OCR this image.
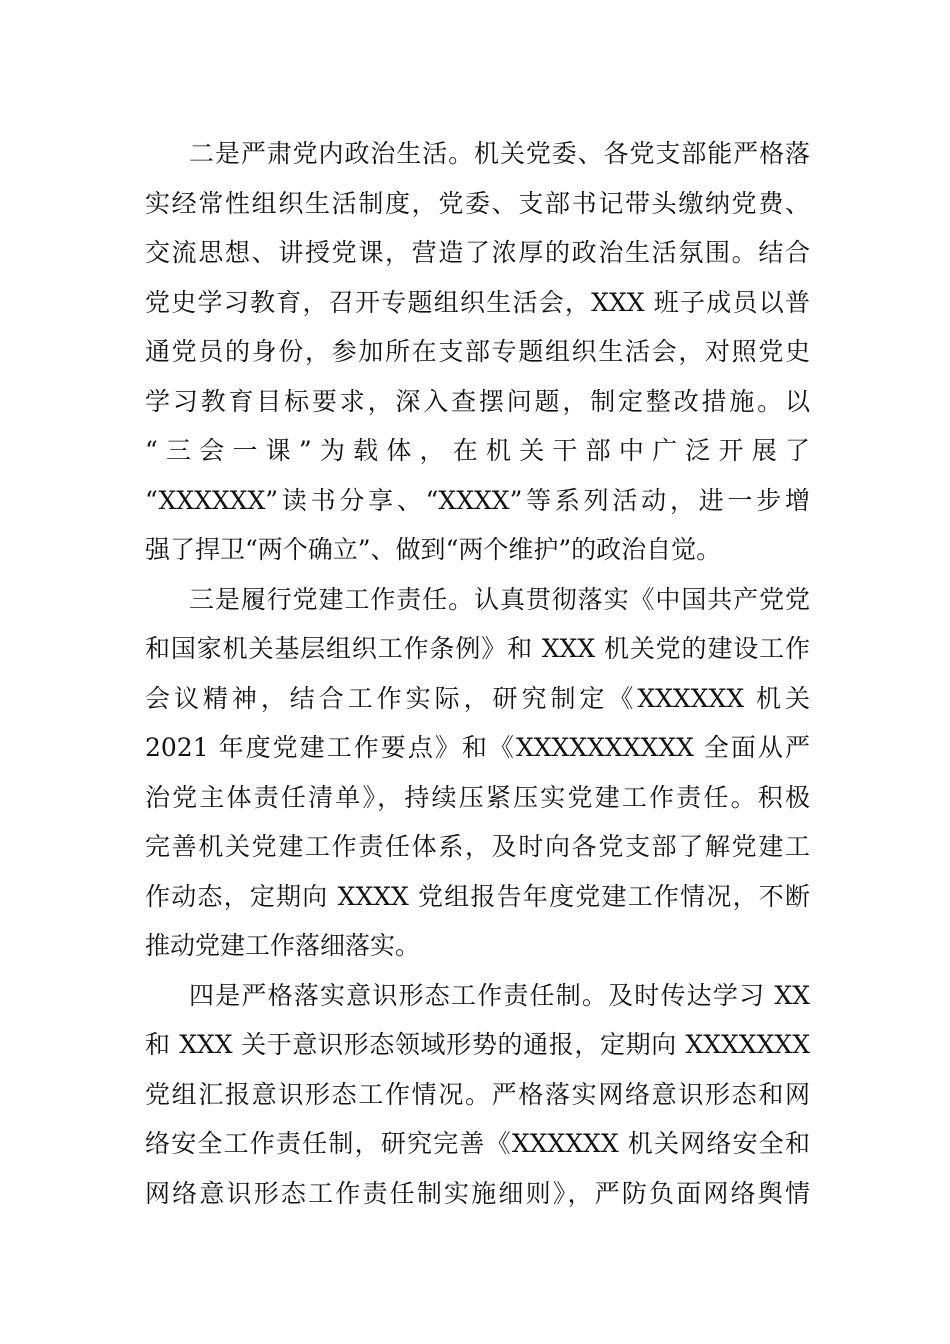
二是严肃党内政治生活。机关党委、各党支部能严格落
实经常性组织生活制度，党委、支部书记带头缴纳党费、
交流思想、讲授党课，营造了浓厚的政治生活氛围。结合
党史学习教育，召开专题组织生活会，XXX 班子成员以普
通党员的身份，参加所在支部专题组织生活会，对照党史
学习教育目标要求，深入查摆问题，制定整改措施。以
“三会一课”为载体，在机关干部中广泛开展了
“XXXXXX”读书分享、“XXXX”等系列活动，进一步增
强了捍卫“两个确立”、做到“两个维护”的政治自觉。
三是履行党建工作责任。认真贯彻落实《中国共产党党
和国家机关基层组织工作条例》和 XXX 机关党的建设工作
会议精神，结合工作实际，研究制定《XXXXXX 机关
2021 年度党建工作要点》和《XXXXXXXXXX 全面从严
治党主体责任清单》，持续压紧压实党建工作责任。积极
完善机关党建工作责任体系，及时向各党支部了解党建工
作动态，定期向 XXXX 党组报告年度党建工作情况，不断
推动党建工作落细落实。
四是严格落实意识形态工作责任制。及时传达学习 XX
和 XXX 关于意识形态领域形势的通报，定期向 XXXXXXX
党组汇报意识形态工作情况。严格落实网络意识形态和网
络安全工作责任制，研究完善《XXXXXX 机关网络安全和
网络意识形态工作责任制实施细则》，严防负面网络舆情
